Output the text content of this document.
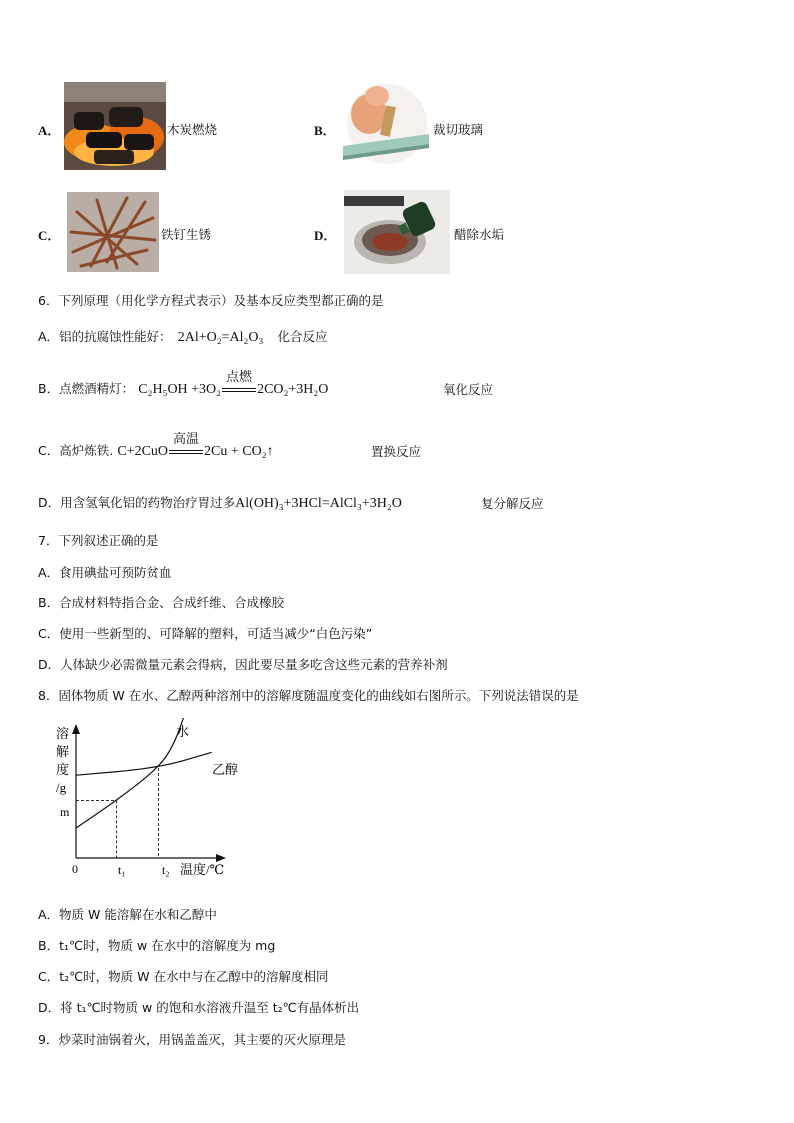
A．	木炭燃烧	B．	裁切玻璃
C．	铁钉生锈	D．	醋除水垢
6．下列原理（用化学方程式表示）及基本反应类型都正确的是
A．铝的抗腐蚀性能好： 2Al+O₂=Al₂O₃ 化合反应
B．点燃酒精灯： C₂H₅OH +3O₂
点燃
2CO₂+3H₂O	氧化反应
C．高炉炼铁. C+2CuO
高温
2Cu + CO₂↑	置换反应
D．用含氢氧化铝的药物治疗胃过多Al(OH)₃+3HCl=AlCl₃+3H₂O	复分解反应
7．下列叙述正确的是
A．食用碘盐可预防贫血
B．合成材料特指合金、合成纤维、合成橡胶
C．使用一些新型的、可降解的塑料，可适当减少“白色污染”
D．人体缺少必需微量元素会得病，因此要尽量多吃含这些元素的营养补剂
8．固体物质 W 在水、乙醇两种溶剂中的溶解度随温度变化的曲线如右图所示。下列说法错误的是
溶
解
度
/g
m
0	t₁	t₂ 温度/℃
水
乙醇
A．物质 W 能溶解在水和乙醇中
B．t₁℃时，物质 w 在水中的溶解度为 mg
C．t₂℃时，物质 W 在水中与在乙醇中的溶解度相同
D．将 t₁℃时物质 w 的饱和水溶液升温至 t₂℃有晶体析出
9．炒菜时油锅着火，用锅盖盖灭，其主要的灭火原理是
